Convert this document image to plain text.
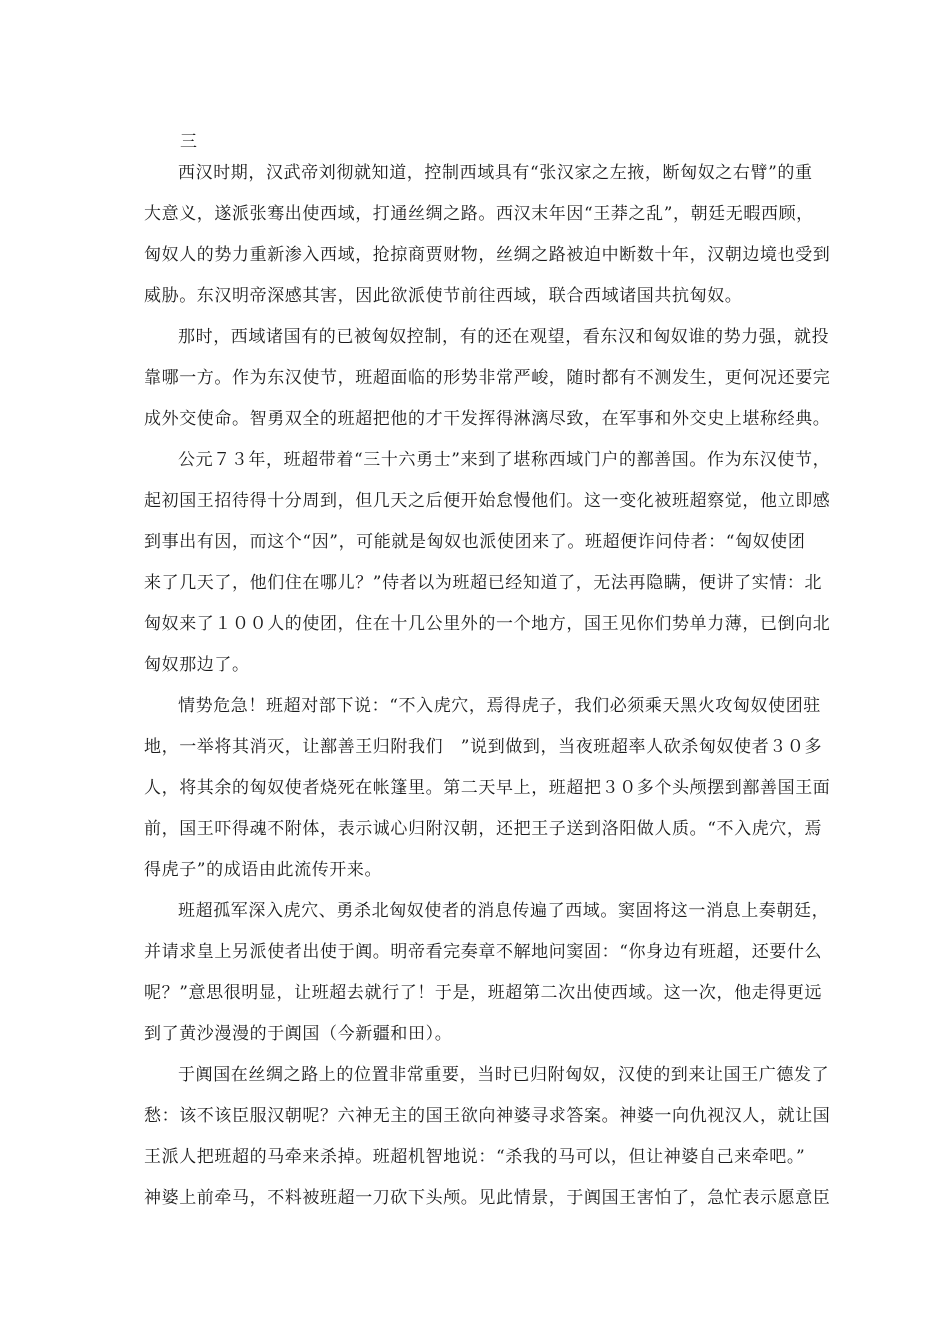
三
西汉时期，汉武帝刘彻就知道，控制西域具有“张汉家之左掖，断匈奴之右臂”的重
大意义，遂派张骞出使西域，打通丝绸之路。西汉末年因“王莽之乱”，朝廷无暇西顾，
匈奴人的势力重新渗入西域，抢掠商贾财物，丝绸之路被迫中断数十年，汉朝边境也受到
威胁。东汉明帝深感其害，因此欲派使节前往西域，联合西域诸国共抗匈奴。
那时，西域诸国有的已被匈奴控制，有的还在观望，看东汉和匈奴谁的势力强，就投
靠哪一方。作为东汉使节，班超面临的形势非常严峻，随时都有不测发生，更何况还要完
成外交使命。智勇双全的班超把他的才干发挥得淋漓尽致，在军事和外交史上堪称经典。
公元７３年，班超带着“三十六勇士”来到了堪称西域门户的鄯善国。作为东汉使节，
起初国王招待得十分周到，但几天之后便开始怠慢他们。这一变化被班超察觉，他立即感
到事出有因，而这个“因”，可能就是匈奴也派使团来了。班超便诈问侍者：“匈奴使团
来了几天了，他们住在哪儿？”侍者以为班超已经知道了，无法再隐瞒，便讲了实情：北
匈奴来了１００人的使团，住在十几公里外的一个地方，国王见你们势单力薄，已倒向北
匈奴那边了。
情势危急！班超对部下说：“不入虎穴，焉得虎子，我们必须乘天黑火攻匈奴使团驻
地，一举将其消灭，让鄯善王归附我们　”说到做到，当夜班超率人砍杀匈奴使者３０多
人，将其余的匈奴使者烧死在帐篷里。第二天早上，班超把３０多个头颅摆到鄯善国王面
前，国王吓得魂不附体，表示诚心归附汉朝，还把王子送到洛阳做人质。“不入虎穴，焉
得虎子”的成语由此流传开来。
班超孤军深入虎穴、勇杀北匈奴使者的消息传遍了西域。窦固将这一消息上奏朝廷，
并请求皇上另派使者出使于阗。明帝看完奏章不解地问窦固：“你身边有班超，还要什么
呢？”意思很明显，让班超去就行了！于是，班超第二次出使西域。这一次，他走得更远
到了黄沙漫漫的于阗国（今新疆和田）。
于阗国在丝绸之路上的位置非常重要，当时已归附匈奴，汉使的到来让国王广德发了
愁：该不该臣服汉朝呢？六神无主的国王欲向神婆寻求答案。神婆一向仇视汉人，就让国
王派人把班超的马牵来杀掉。班超机智地说：“杀我的马可以，但让神婆自己来牵吧。”
神婆上前牵马，不料被班超一刀砍下头颅。见此情景，于阗国王害怕了，急忙表示愿意臣
